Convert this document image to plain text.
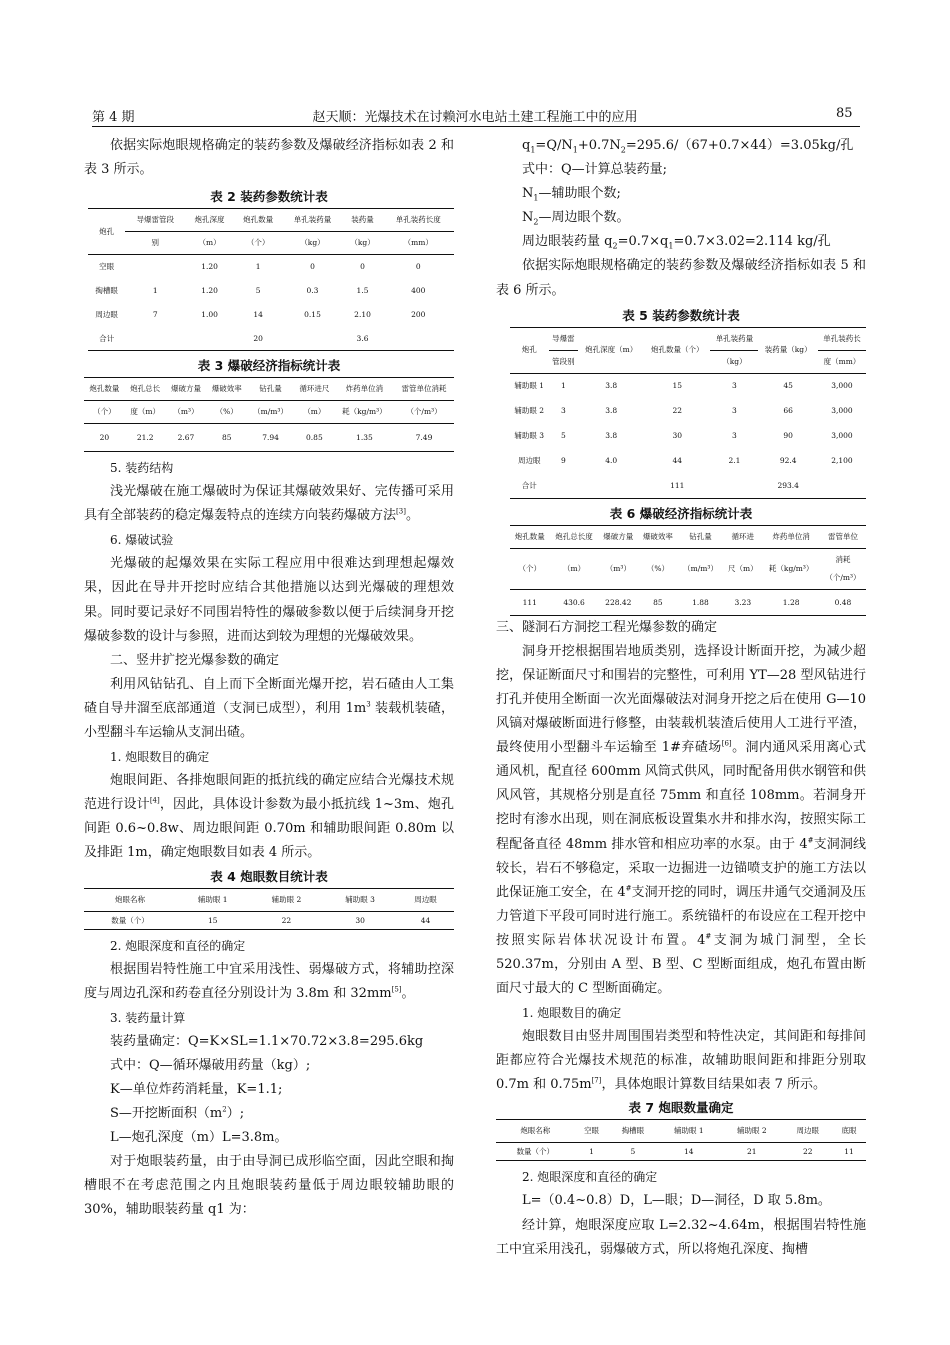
第 4 期	赵天顺：光爆技术在讨赖河水电站土建工程施工中的应用	85

依据实际炮眼规格确定的装药参数及爆破经济指标如表 2 和表 3 所示。

表 2 装药参数统计表

炮孔	导爆雷管段	炮孔深度	炮孔数量	单孔装药量	装药量	单孔装药长度
	别	（m）	（个）	（kg）	（kg）	（mm）
空眼		1.20	1	0	0	0
掏槽眼	1	1.20	5	0.3	1.5	400
周边眼	7	1.00	14	0.15	2.10	200
合计			20		3.6	

表 3 爆破经济指标统计表

炮孔数量	炮孔总长	爆破方量	爆破效率	钻孔量	循环进尺	炸药单位消	雷管单位消耗
（个）	度（m）	（m³）	（%）	（m/m³）	（m）	耗（kg/m³）	（个/m³）
20	21.2	2.67	85	7.94	0.85	1.35	7.49

5. 装药结构

浅光爆破在施工爆破时为保证其爆破效果好、完传播可采用具有全部装药的稳定爆轰特点的连续方向装药爆破方法[3]。

6. 爆破试验

光爆破的起爆效果在实际工程应用中很难达到理想起爆效果，因此在导井开挖时应结合其他措施以达到光爆破的理想效果。同时要记录好不同围岩特性的爆破参数以便于后续洞身开挖爆破参数的设计与参照，进而达到较为理想的光爆破效果。

二、竖井扩挖光爆参数的确定

利用风钻钻孔、自上而下全断面光爆开挖，岩石碴由人工集碴自导井溜至底部通道（支洞已成型），利用 $1m^3$ 装载机装碴，小型翻斗车运输从支洞出碴。

1. 炮眼数目的确定

炮眼间距、各排炮眼间距的抵抗线的确定应结合光爆技术规范进行设计[4]，因此，具体设计参数为最小抵抗线 1~3m、炮孔间距 0.6~0.8w、周边眼间距 0.70m 和辅助眼间距 0.80m 以及排距 1m，确定炮眼数目如表 4 所示。

表 4 炮眼数目统计表

炮眼名称	辅助眼 1	辅助眼 2	辅助眼 3	周边眼
数量（个）	15	22	30	44

2. 炮眼深度和直径的确定

根据围岩特性施工中宜采用浅性、弱爆破方式，将辅助控深度与周边孔深和药卷直径分别设计为 3.8m 和 32mm[5]。

3. 装药量计算

装药量确定：Q=K×SL=1.1×70.72×3.8=295.6kg

式中：Q—循环爆破用药量（kg）;

K—单位炸药消耗量，K=1.1;

S—开挖断面积$(m^2)$;

L—炮孔深度（m）L=3.8m。

对于炮眼装药量，由于由导洞已成形临空面，因此空眼和掏槽眼不在考虑范围之内且炮眼装药量低于周边眼较辅助眼的 30%，辅助眼装药量 q1 为：

$q_1=Q/N_1+0.7N_2=295.6/(67+0.7\times 44)=3.05kg/$孔

式中：Q—计算总装药量;

$N_1—$辅助眼个数;

$N_2—$周边眼个数。

周边眼装药量 $q_2=0.7\times q_1=0.7\times 3.02=2.114$ kg/孔

依据实际炮眼规格确定的装药参数及爆破经济指标如表 5 和表 6 所示。

表 5 装药参数统计表

炮孔	导爆雷	炮孔深度（m）	炮孔数量（个）	单孔装药量	装药量（kg）	单孔装药长
	管段别			（kg）		度（mm）
辅助眼 1	1	3.8	15	3	45	3,000
辅助眼 2	3	3.8	22	3	66	3,000
辅助眼 3	5	3.8	30	3	90	3,000
周边眼	9	4.0	44	2.1	92.4	2,100
合计			111		293.4	

表 6 爆破经济指标统计表

炮孔数量	炮孔总长度	爆破方量	爆破效率	钻孔量	循环进	炸药单位消	雷管单位
（个）	（m）	（m³）	（%）	（m/m³）	尺（m）	耗（kg/m³）	消耗
（个/m³）
111	430.6	228.42	85	1.88	3.23	1.28	0.48

三、隧洞石方洞挖工程光爆参数的确定

洞身开挖根据围岩地质类别，选择设计断面开挖，为减少超挖，保证断面尺寸和围岩的完整性，可利用 YT—28 型风钻进行打孔并使用全断面一次光面爆破法对洞身开挖之后在使用 G—10 风镐对爆破断面进行修整，由装载机装渣后使用人工进行平渣，最终使用小型翻斗车运输至 1#弃碴场[6]。洞内通风采用离心式通风机，配直径 600mm 风筒式供风，同时配备用供水钢管和供风风管，其规格分别是直径 75mm 和直径 108mm。若洞身开挖时有渗水出现，则在洞底板设置集水井和排水沟，按照实际工程配备直径 48mm 排水管和相应功率的水泵。由于 4#支洞洞线较长，岩石不够稳定，采取一边掘进一边锚喷支护的施工方法以此保证施工安全，在 4#支洞开挖的同时，调压井通气交通洞及压力管道下平段可同时进行施工。系统锚杆的布设应在工程开挖中按照实际岩体状况设计布置。4#支洞为城门洞型，全长 520.37m，分别由 A 型、B 型、C 型断面组成，炮孔布置由断面尺寸最大的 C 型断面确定。

1. 炮眼数目的确定

炮眼数目由竖井周围围岩类型和特性决定，其间距和每排间距都应符合光爆技术规范的标准，故辅助眼间距和排距分别取 0.7m 和 0.75m[7]，具体炮眼计算数目结果如表 7 所示。

表 7 炮眼数量确定

炮眼名称	空眼	掏槽眼	辅助眼 1	辅助眼 2	周边眼	底眼
数量（个）	1	5	14	21	22	11

2. 炮眼深度和直径的确定

L=（0.4~0.8）D，L—眼；D—洞径，D 取 5.8m。

经计算，炮眼深度应取 L=2.32~4.64m，根据围岩特性施工中宜采用浅孔，弱爆破方式，所以将炮孔深度、掏槽
